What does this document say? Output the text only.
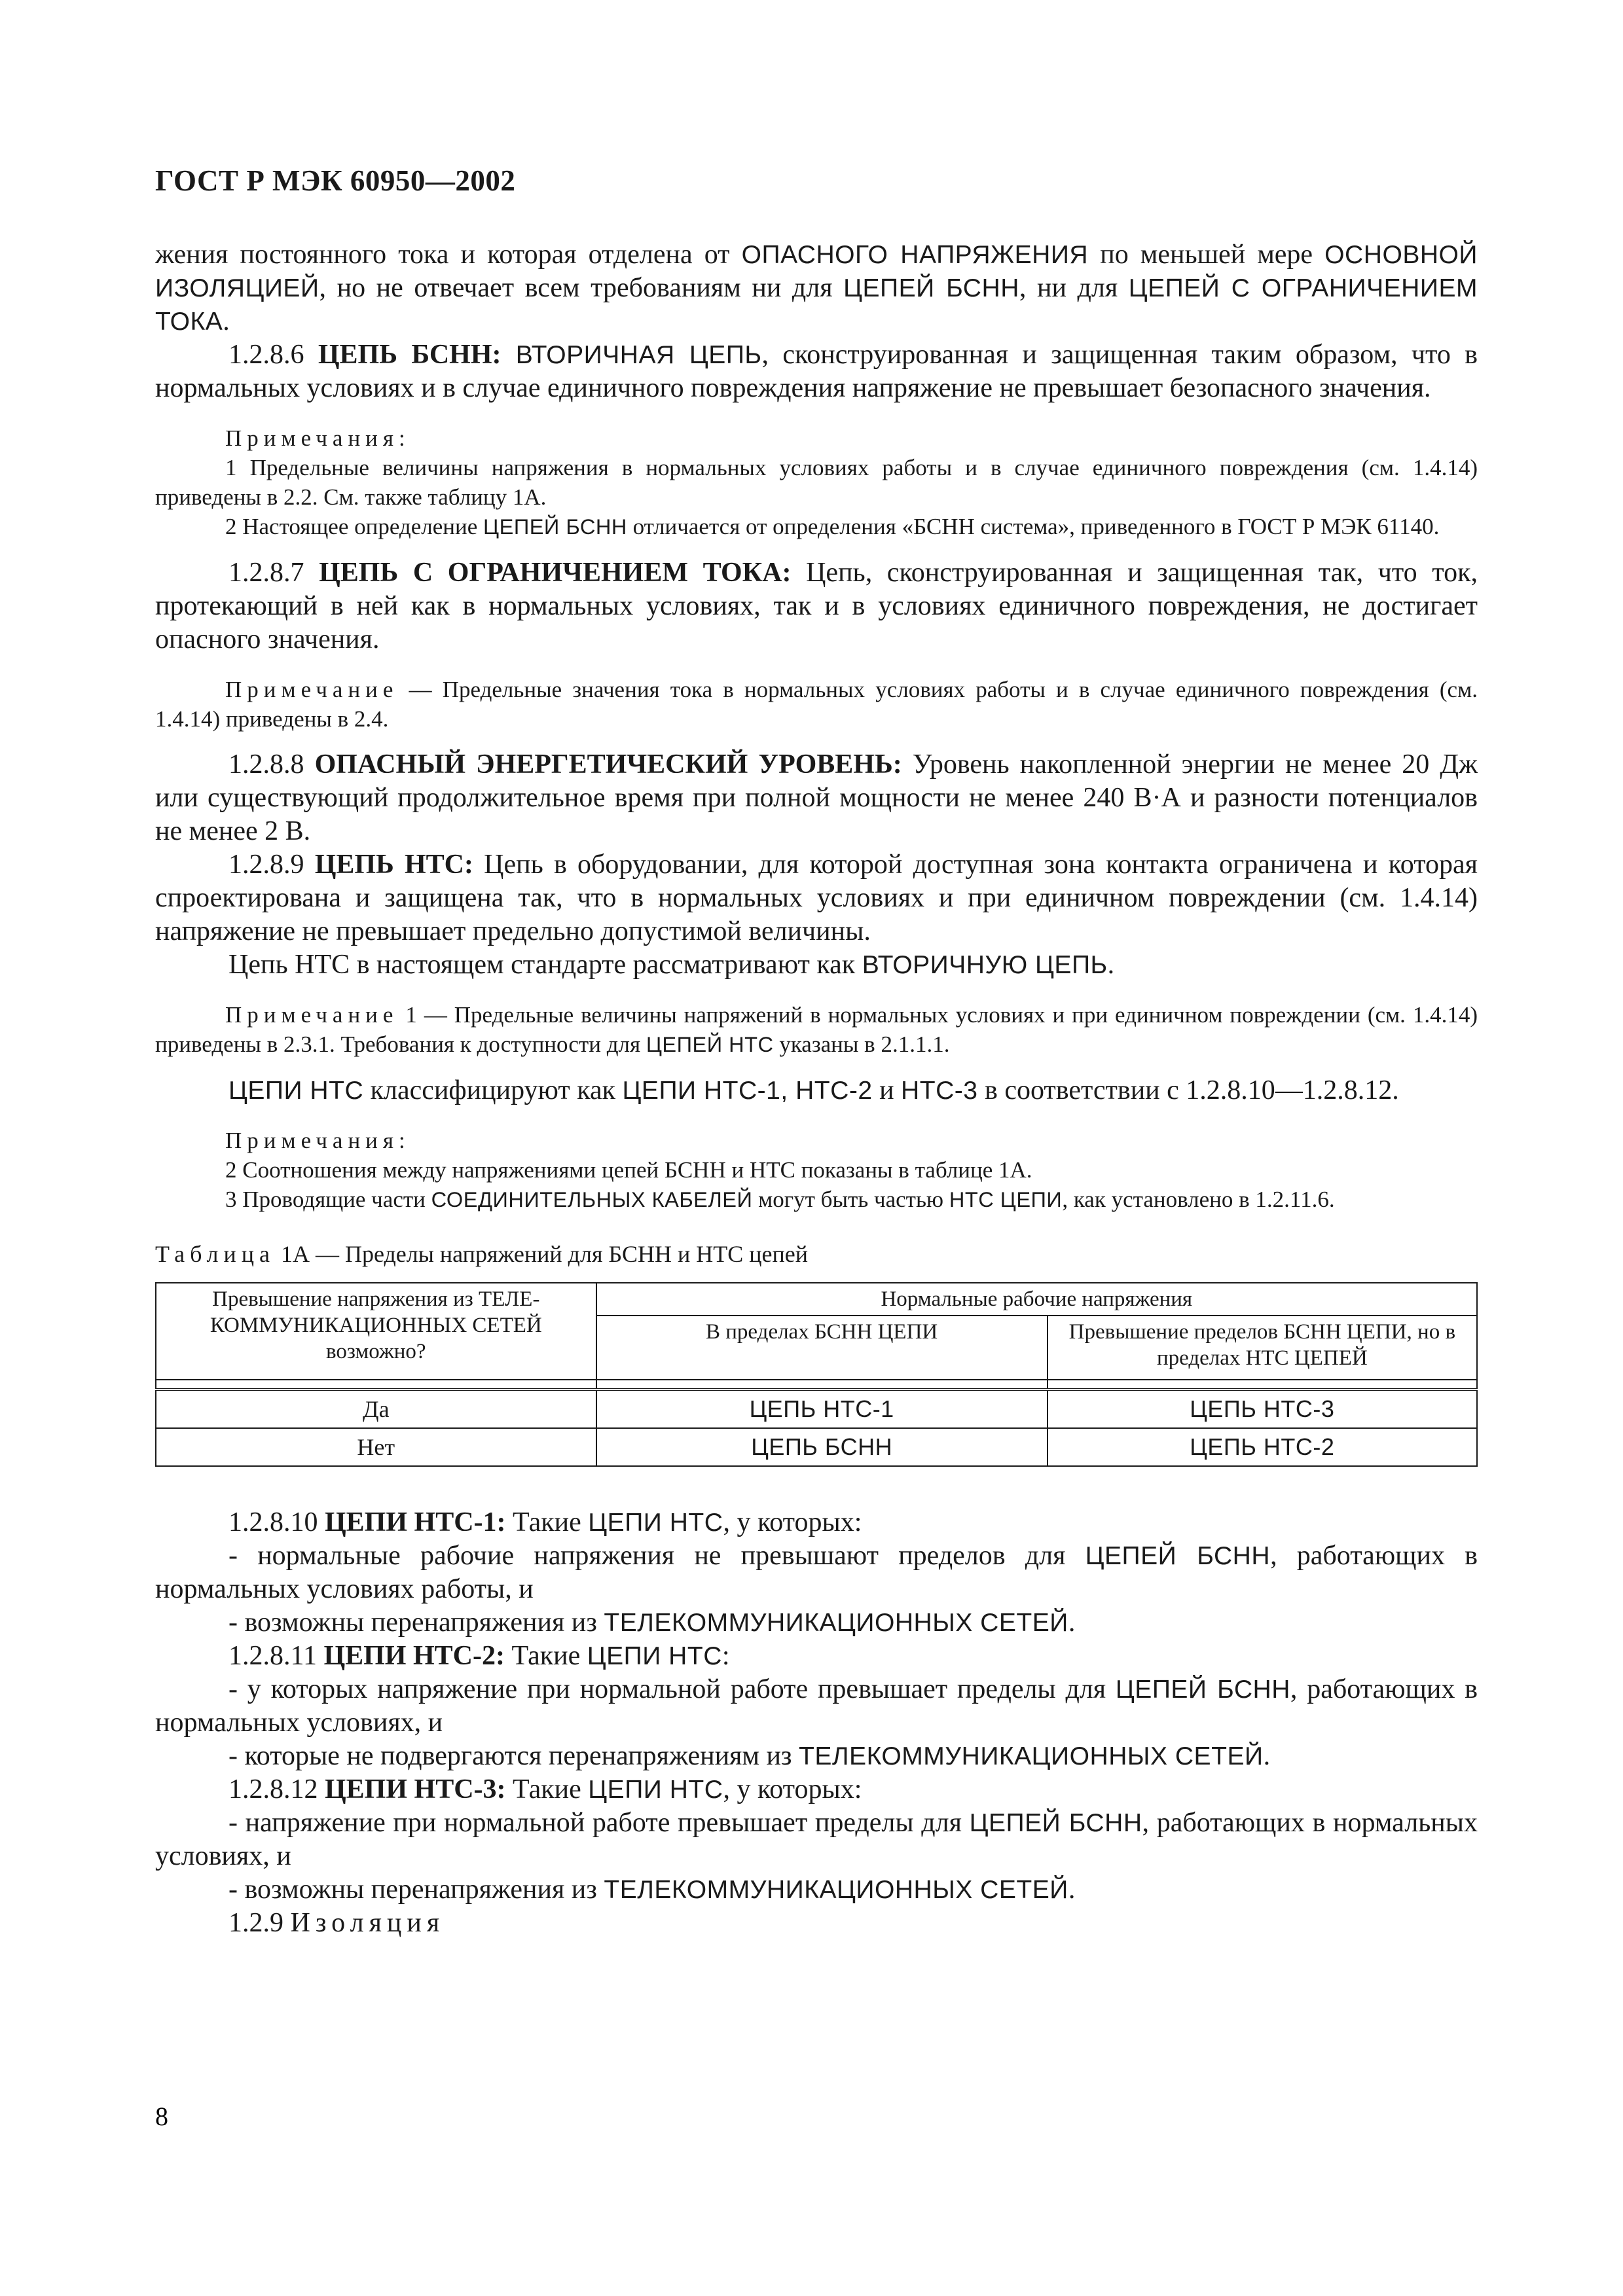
ГОСТ Р МЭК 60950—2002

жения постоянного тока и которая отделена от ОПАСНОГО НАПРЯЖЕНИЯ по меньшей мере ОСНОВНОЙ ИЗОЛЯЦИЕЙ, но не отвечает всем требованиям ни для ЦЕПЕЙ БСНН, ни для ЦЕПЕЙ С ОГРАНИЧЕНИЕМ ТОКА.

1.2.8.6 ЦЕПЬ БСНН: ВТОРИЧНАЯ ЦЕПЬ, сконструированная и защищенная таким образом, что в нормальных условиях и в случае единичного повреждения напряжение не превышает безопасного значения.

Примечания:

1 Предельные величины напряжения в нормальных условиях работы и в случае единичного повреждения (см. 1.4.14) приведены в 2.2. См. также таблицу 1А.

2 Настоящее определение ЦЕПЕЙ БСНН отличается от определения «БСНН система», приведенного в ГОСТ Р МЭК 61140.

1.2.8.7 ЦЕПЬ С ОГРАНИЧЕНИЕМ ТОКА: Цепь, сконструированная и защищенная так, что ток, протекающий в ней как в нормальных условиях, так и в условиях единичного повреждения, не достигает опасного значения.

Примечание — Предельные значения тока в нормальных условиях работы и в случае единичного повреждения (см. 1.4.14) приведены в 2.4.

1.2.8.8 ОПАСНЫЙ ЭНЕРГЕТИЧЕСКИЙ УРОВЕНЬ: Уровень накопленной энергии не менее 20 Дж или существующий продолжительное время при полной мощности не менее 240 В·А и разности потенциалов не менее 2 В.

1.2.8.9 ЦЕПЬ НТС: Цепь в оборудовании, для которой доступная зона контакта ограничена и которая спроектирована и защищена так, что в нормальных условиях и при единичном повреждении (см. 1.4.14) напряжение не превышает предельно допустимой величины.

Цепь НТС в настоящем стандарте рассматривают как ВТОРИЧНУЮ ЦЕПЬ.

Примечание 1 — Предельные величины напряжений в нормальных условиях и при единичном повреждении (см. 1.4.14) приведены в 2.3.1. Требования к доступности для ЦЕПЕЙ НТС указаны в 2.1.1.1.

ЦЕПИ НТС классифицируют как ЦЕПИ НТС-1, НТС-2 и НТС-3 в соответствии с 1.2.8.10—1.2.8.12.

Примечания:

2 Соотношения между напряжениями цепей БСНН и НТС показаны в таблице 1А.

3 Проводящие части СОЕДИНИТЕЛЬНЫХ КАБЕЛЕЙ могут быть частью НТС ЦЕПИ, как установлено в 1.2.11.6.

Таблица 1А — Пределы напряжений для БСНН и НТС цепей

Превышение напряжения из ТЕЛЕКОММУНИКАЦИОННЫХ СЕТЕЙ возможно?	Нормальные рабочие напряжения	
	В пределах БСНН ЦЕПИ	Превышение пределов БСНН ЦЕПИ, но в пределах НТС ЦЕПЕЙ

Да	ЦЕПЬ НТС-1	ЦЕПЬ НТС-3
Нет	ЦЕПЬ БСНН	ЦЕПЬ НТС-2

1.2.8.10 ЦЕПИ НТС-1: Такие ЦЕПИ НТС, у которых:

- нормальные рабочие напряжения не превышают пределов для ЦЕПЕЙ БСНН, работающих в нормальных условиях работы, и

- возможны перенапряжения из ТЕЛЕКОММУНИКАЦИОННЫХ СЕТЕЙ.

1.2.8.11 ЦЕПИ НТС-2: Такие ЦЕПИ НТС:

- у которых напряжение при нормальной работе превышает пределы для ЦЕПЕЙ БСНН, работающих в нормальных условиях, и

- которые не подвергаются перенапряжениям из ТЕЛЕКОММУНИКАЦИОННЫХ СЕТЕЙ.

1.2.8.12 ЦЕПИ НТС-3: Такие ЦЕПИ НТС, у которых:

- напряжение при нормальной работе превышает пределы для ЦЕПЕЙ БСНН, работающих в нормальных условиях, и

- возможны перенапряжения из ТЕЛЕКОММУНИКАЦИОННЫХ СЕТЕЙ.

1.2.9 Изоляция

8
